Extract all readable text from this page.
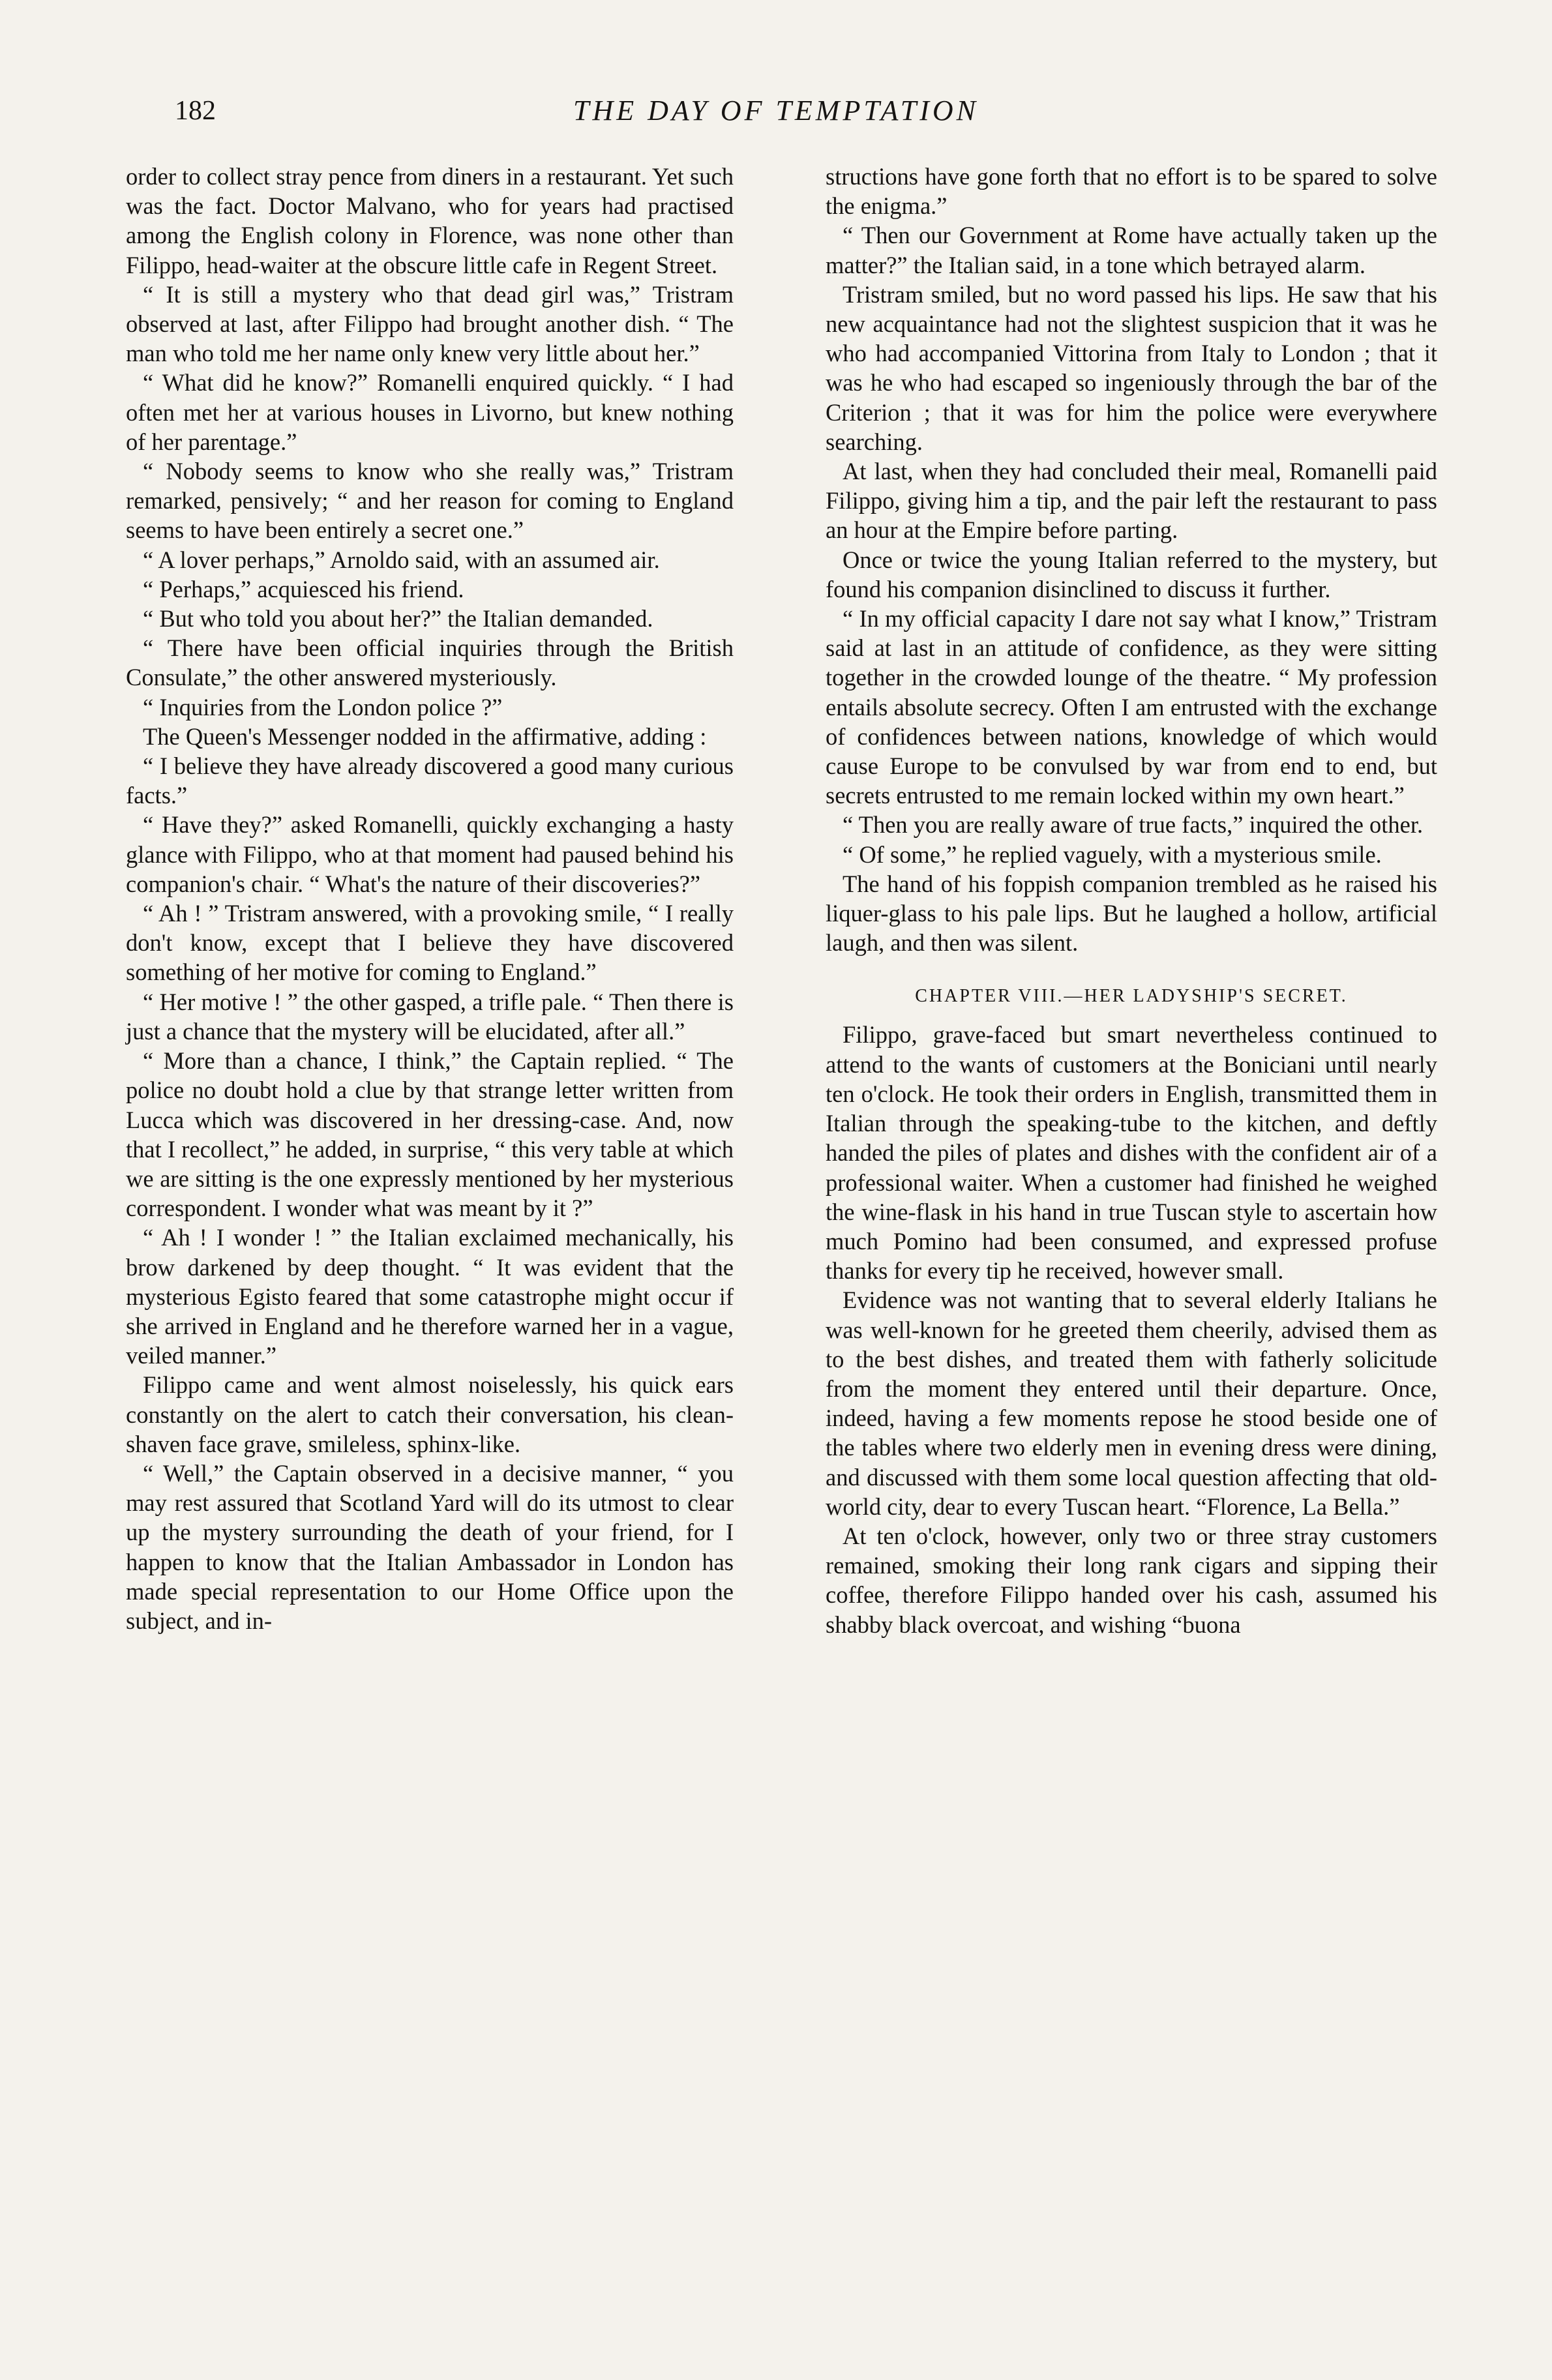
182	THE DAY OF TEMPTATION

order to collect stray pence from diners in a restaurant. Yet such was the fact. Doctor Malvano, who for years had practised among the English colony in Florence, was none other than Filippo, head-waiter at the obscure little cafe in Regent Street.

“ It is still a mystery who that dead girl was,” Tristram observed at last, after Filippo had brought another dish. “ The man who told me her name only knew very little about her.”

“ What did he know?” Romanelli enquired quickly. “ I had often met her at various houses in Livorno, but knew nothing of her parentage.”

“ Nobody seems to know who she really was,” Tristram remarked, pensively; “ and her reason for coming to England seems to have been entirely a secret one.”

“ A lover perhaps,” Arnoldo said, with an assumed air.

“ Perhaps,” acquiesced his friend.

“ But who told you about her?” the Italian demanded.

“ There have been official inquiries through the British Consulate,” the other answered mysteriously.

“ Inquiries from the London police ?”

The Queen's Messenger nodded in the affirmative, adding :

“ I believe they have already discovered a good many curious facts.”

“ Have they?” asked Romanelli, quickly exchanging a hasty glance with Filippo, who at that moment had paused behind his companion's chair. “ What's the nature of their discoveries?”

“ Ah ! ” Tristram answered, with a provoking smile, “ I really don't know, except that I believe they have discovered something of her motive for coming to England.”

“ Her motive ! ” the other gasped, a trifle pale. “ Then there is just a chance that the mystery will be elucidated, after all.”

“ More than a chance, I think,” the Captain replied. “ The police no doubt hold a clue by that strange letter written from Lucca which was discovered in her dressing-case. And, now that I recollect,” he added, in surprise, “ this very table at which we are sitting is the one expressly mentioned by her mysterious correspondent. I wonder what was meant by it ?”

“ Ah ! I wonder ! ” the Italian exclaimed mechanically, his brow darkened by deep thought. “ It was evident that the mysterious Egisto feared that some catastrophe might occur if she arrived in England and he therefore warned her in a vague, veiled manner.”

Filippo came and went almost noiselessly, his quick ears constantly on the alert to catch their conversation, his clean-shaven face grave, smileless, sphinx-like.

“ Well,” the Captain observed in a decisive manner, “ you may rest assured that Scotland Yard will do its utmost to clear up the mystery surrounding the death of your friend, for I happen to know that the Italian Ambassador in London has made special representation to our Home Office upon the subject, and in-

structions have gone forth that no effort is to be spared to solve the enigma.”

“ Then our Government at Rome have actually taken up the matter?” the Italian said, in a tone which betrayed alarm.

Tristram smiled, but no word passed his lips. He saw that his new acquaintance had not the slightest suspicion that it was he who had accompanied Vittorina from Italy to London ; that it was he who had escaped so ingeniously through the bar of the Criterion ; that it was for him the police were everywhere searching.

At last, when they had concluded their meal, Romanelli paid Filippo, giving him a tip, and the pair left the restaurant to pass an hour at the Empire before parting.

Once or twice the young Italian referred to the mystery, but found his companion disinclined to discuss it further.

“ In my official capacity I dare not say what I know,” Tristram said at last in an attitude of confidence, as they were sitting together in the crowded lounge of the theatre. “ My profession entails absolute secrecy. Often I am entrusted with the exchange of confidences between nations, knowledge of which would cause Europe to be convulsed by war from end to end, but secrets entrusted to me remain locked within my own heart.”

“ Then you are really aware of true facts,” inquired the other.

“ Of some,” he replied vaguely, with a mysterious smile.

The hand of his foppish companion trembled as he raised his liquer-glass to his pale lips. But he laughed a hollow, artificial laugh, and then was silent.

CHAPTER VIII.—HER LADYSHIP'S SECRET.

Filippo, grave-faced but smart nevertheless continued to attend to the wants of customers at the Boniciani until nearly ten o'clock. He took their orders in English, transmitted them in Italian through the speaking-tube to the kitchen, and deftly handed the piles of plates and dishes with the confident air of a professional waiter. When a customer had finished he weighed the wine-flask in his hand in true Tuscan style to ascertain how much Pomino had been consumed, and expressed profuse thanks for every tip he received, however small.

Evidence was not wanting that to several elderly Italians he was well-known for he greeted them cheerily, advised them as to the best dishes, and treated them with fatherly solicitude from the moment they entered until their departure. Once, indeed, having a few moments repose he stood beside one of the tables where two elderly men in evening dress were dining, and discussed with them some local question affecting that old-world city, dear to every Tuscan heart. “Florence, La Bella.”

At ten o'clock, however, only two or three stray customers remained, smoking their long rank cigars and sipping their coffee, therefore Filippo handed over his cash, assumed his shabby black overcoat, and wishing “buona
